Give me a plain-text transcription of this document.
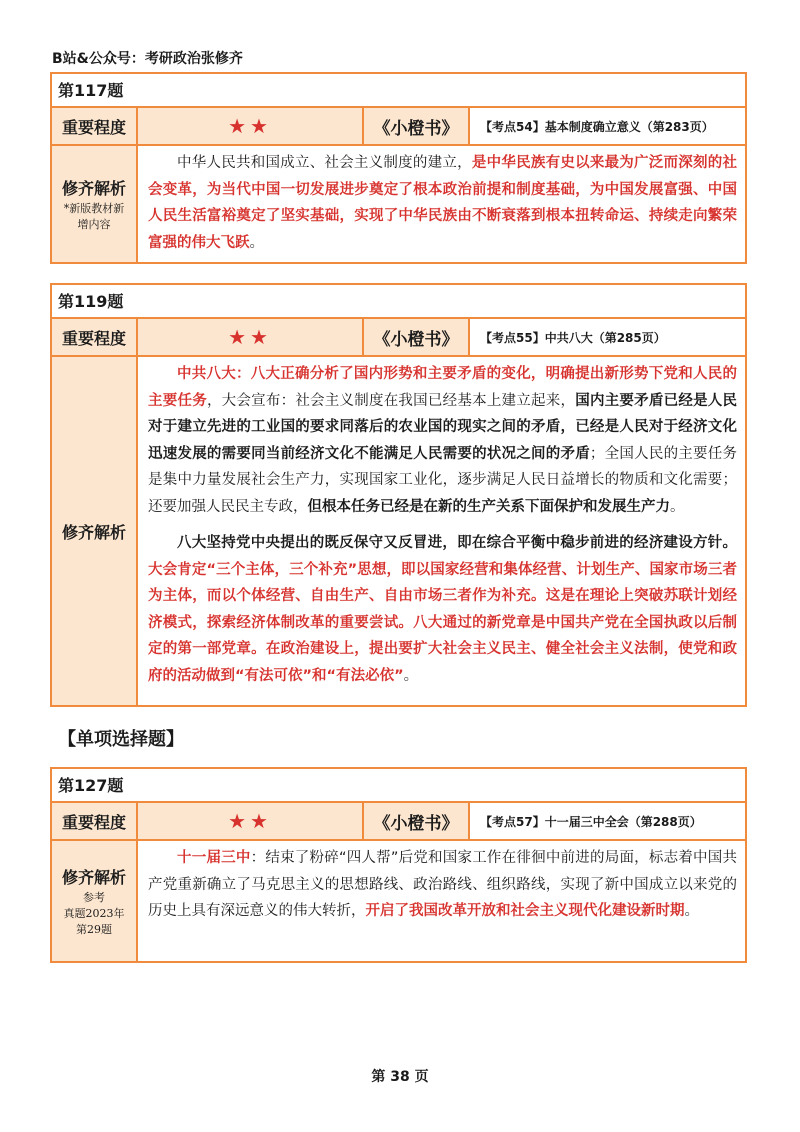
B站&公众号：考研政治张修齐
第117题
重要程度	★★	《小橙书》	【考点54】基本制度确立意义（第283页）
修齐解析
*新版教材新增内容

中华人民共和国成立、社会主义制度的建立，是中华民族有史以来最为广泛而深刻的社会变革，为当代中国一切发展进步奠定了根本政治前提和制度基础，为中国发展富强、中国人民生活富裕奠定了坚实基础，实现了中华民族由不断衰落到根本扭转命运、持续走向繁荣富强的伟大飞跃。

第119题
重要程度	★★	《小橙书》	【考点55】中共八大（第285页）
修齐解析

中共八大：八大正确分析了国内形势和主要矛盾的变化，明确提出新形势下党和人民的主要任务，大会宣布：社会主义制度在我国已经基本上建立起来，国内主要矛盾已经是人民对于建立先进的工业国的要求同落后的农业国的现实之间的矛盾，已经是人民对于经济文化迅速发展的需要同当前经济文化不能满足人民需要的状况之间的矛盾；全国人民的主要任务是集中力量发展社会生产力，实现国家工业化，逐步满足人民日益增长的物质和文化需要；还要加强人民民主专政，但根本任务已经是在新的生产关系下面保护和发展生产力。

八大坚持党中央提出的既反保守又反冒进，即在综合平衡中稳步前进的经济建设方针。大会肯定“三个主体，三个补充”思想，即以国家经营和集体经营、计划生产、国家市场三者为主体，而以个体经营、自由生产、自由市场三者作为补充。这是在理论上突破苏联计划经济模式，探索经济体制改革的重要尝试。八大通过的新党章是中国共产党在全国执政以后制定的第一部党章。在政治建设上，提出要扩大社会主义民主、健全社会主义法制，使党和政府的活动做到“有法可依”和“有法必依”。

【单项选择题】
第127题
重要程度	★★	《小橙书》	【考点57】十一届三中全会（第288页）
修齐解析
参考
真题2023年
第29题

十一届三中：结束了粉碎“四人帮”后党和国家工作在徘徊中前进的局面，标志着中国共产党重新确立了马克思主义的思想路线、政治路线、组织路线，实现了新中国成立以来党的历史上具有深远意义的伟大转折，开启了我国改革开放和社会主义现代化建设新时期。

第 38 页
